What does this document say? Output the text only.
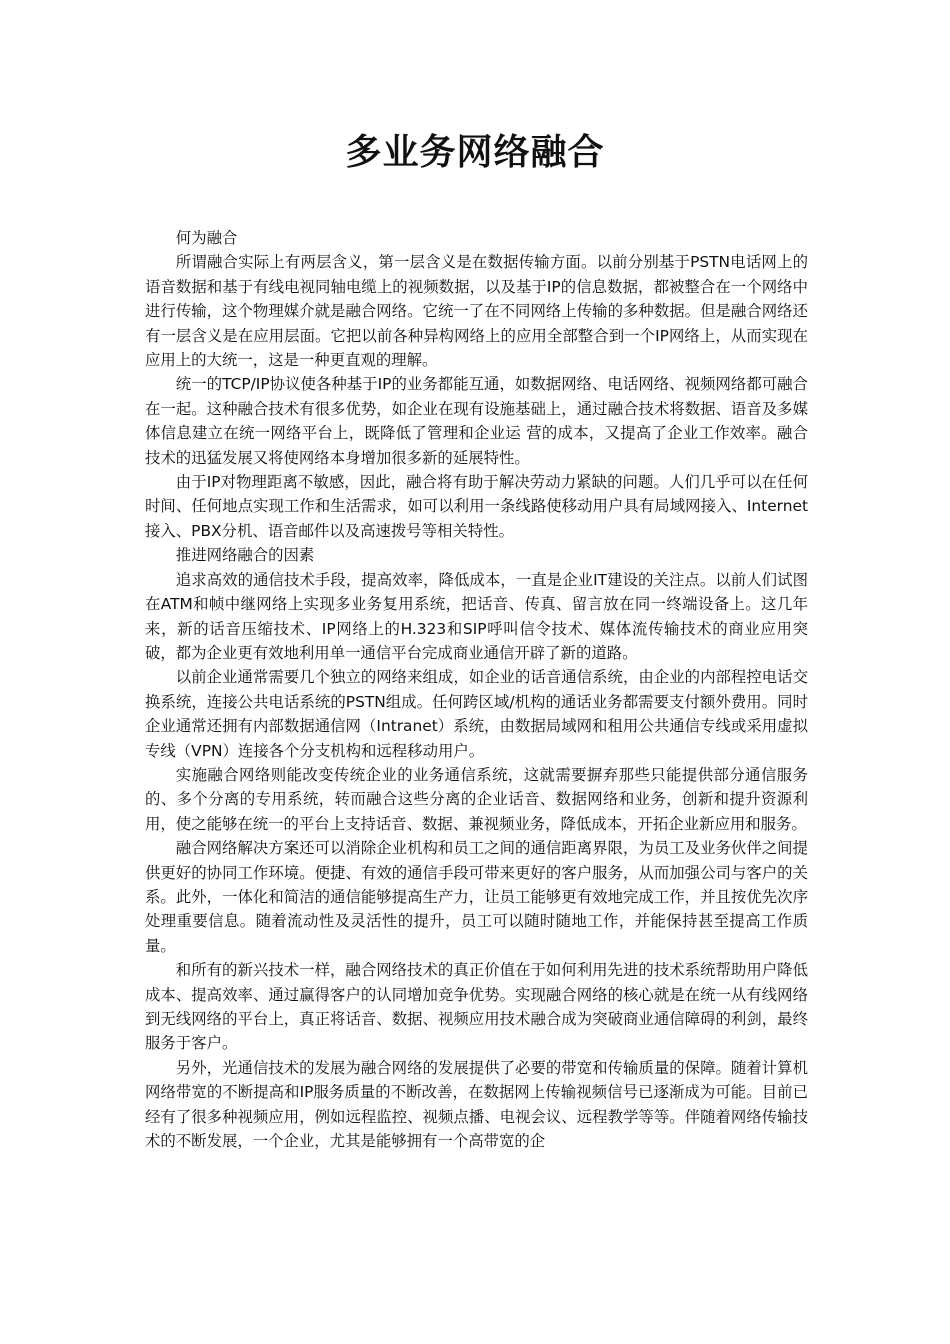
多业务网络融合

何为融合

所谓融合实际上有两层含义，第一层含义是在数据传输方面。以前分别基于PSTN电话网上的语音数据和基于有线电视同轴电缆上的视频数据，以及基于IP的信息数据，都被整合在一个网络中进行传输，这个物理媒介就是融合网络。它统一了在不同网络上传输的多种数据。但是融合网络还有一层含义是在应用层面。它把以前各种异构网络上的应用全部整合到一个IP网络上，从而实现在应用上的大统一，这是一种更直观的理解。

统一的TCP/IP协议使各种基于IP的业务都能互通，如数据网络、电话网络、视频网络都可融合在一起。这种融合技术有很多优势，如企业在现有设施基础上，通过融合技术将数据、语音及多媒体信息建立在统一网络平台上，既降低了管理和企业运 营的成本，又提高了企业工作效率。融合技术的迅猛发展又将使网络本身增加很多新的延展特性。

由于IP对物理距离不敏感，因此，融合将有助于解决劳动力紧缺的问题。人们几乎可以在任何时间、任何地点实现工作和生活需求，如可以利用一条线路使移动用户具有局域网接入、Internet接入、PBX分机、语音邮件以及高速拨号等相关特性。

推进网络融合的因素

追求高效的通信技术手段，提高效率，降低成本，一直是企业IT建设的关注点。以前人们试图在ATM和帧中继网络上实现多业务复用系统，把话音、传真、留言放在同一终端设备上。这几年来，新的话音压缩技术、IP网络上的H.323和SIP呼叫信令技术、媒体流传输技术的商业应用突破，都为企业更有效地利用单一通信平台完成商业通信开辟了新的道路。

以前企业通常需要几个独立的网络来组成，如企业的话音通信系统，由企业的内部程控电话交换系统，连接公共电话系统的PSTN组成。任何跨区域/机构的通话业务都需要支付额外费用。同时企业通常还拥有内部数据通信网（Intranet）系统，由数据局域网和租用公共通信专线或采用虚拟专线（VPN）连接各个分支机构和远程移动用户。

实施融合网络则能改变传统企业的业务通信系统，这就需要摒弃那些只能提供部分通信服务的、多个分离的专用系统，转而融合这些分离的企业话音、数据网络和业务，创新和提升资源利用，使之能够在统一的平台上支持话音、数据、兼视频业务，降低成本，开拓企业新应用和服务。

融合网络解决方案还可以消除企业机构和员工之间的通信距离界限，为员工及业务伙伴之间提供更好的协同工作环境。便捷、有效的通信手段可带来更好的客户服务，从而加强公司与客户的关系。此外，一体化和简洁的通信能够提高生产力，让员工能够更有效地完成工作，并且按优先次序处理重要信息。随着流动性及灵活性的提升，员工可以随时随地工作，并能保持甚至提高工作质量。

和所有的新兴技术一样，融合网络技术的真正价值在于如何利用先进的技术系统帮助用户降低成本、提高效率、通过赢得客户的认同增加竞争优势。实现融合网络的核心就是在统一从有线网络到无线网络的平台上，真正将话音、数据、视频应用技术融合成为突破商业通信障碍的利剑，最终服务于客户。

另外，光通信技术的发展为融合网络的发展提供了必要的带宽和传输质量的保障。随着计算机网络带宽的不断提高和IP服务质量的不断改善，在数据网上传输视频信号已逐渐成为可能。目前已经有了很多种视频应用，例如远程监控、视频点播、电视会议、远程教学等等。伴随着网络传输技术的不断发展，一个企业，尤其是能够拥有一个高带宽的企
